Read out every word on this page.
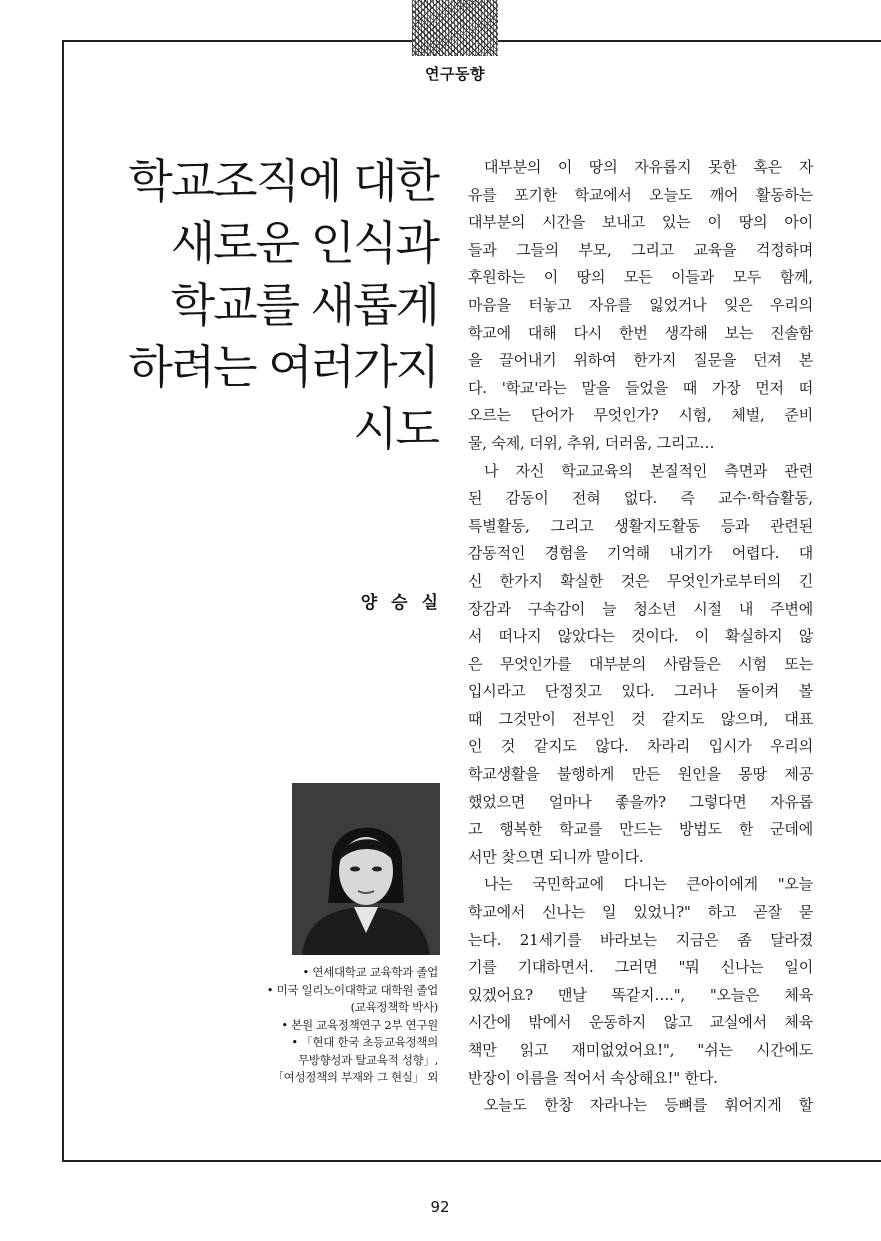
연구동향
학교조직에 대한
새로운 인식과
학교를 새롭게
하려는 여러가지
시도
양승실
• 연세대학교 교육학과 졸업
• 미국 일리노이대학교 대학원 졸업
(교육정책학 박사)
• 본원 교육정책연구 2부 연구원
• 「현대 한국 초등교육정책의
무방향성과 탈교육적 성향」,
「여성정책의 부재와 그 현실」 외
대부분의 이 땅의 자유롭지 못한 혹은 자
유를 포기한 학교에서 오늘도 깨어 활동하는
대부분의 시간을 보내고 있는 이 땅의 아이
들과 그들의 부모, 그리고 교육을 걱정하며
후원하는 이 땅의 모든 이들과 모두 함께,
마음을 터놓고 자유를 잃었거나 잊은 우리의
학교에 대해 다시 한번 생각해 보는 진솔함
을 끌어내기 위하여 한가지 질문을 던져 본
다. '학교'라는 말을 들었을 때 가장 먼저 떠
오르는 단어가 무엇인가? 시험, 체벌, 준비
물, 숙제, 더위, 추위, 더러움, 그리고…
나 자신 학교교육의 본질적인 측면과 관련
된 감동이 전혀 없다. 즉 교수·학습활동,
특별활동, 그리고 생활지도활동 등과 관련된
감동적인 경험을 기억해 내기가 어렵다. 대
신 한가지 확실한 것은 무엇인가로부터의 긴
장감과 구속감이 늘 청소년 시절 내 주변에
서 떠나지 않았다는 것이다. 이 확실하지 않
은 무엇인가를 대부분의 사람들은 시험 또는
입시라고 단정짓고 있다. 그러나 돌이켜 볼
때 그것만이 전부인 것 같지도 않으며, 대표
인 것 같지도 않다. 차라리 입시가 우리의
학교생활을 불행하게 만든 원인을 몽땅 제공
했었으면 얼마나 좋을까? 그렇다면 자유롭
고 행복한 학교를 만드는 방법도 한 군데에
서만 찾으면 되니까 말이다.
나는 국민학교에 다니는 큰아이에게 "오늘
학교에서 신나는 일 있었니?" 하고 곧잘 묻
는다. 21세기를 바라보는 지금은 좀 달라졌
기를 기대하면서. 그러면 "뭐 신나는 일이
있겠어요? 맨날 똑같지….", "오늘은 체육
시간에 밖에서 운동하지 않고 교실에서 체육
책만 읽고 재미없었어요!", "쉬는 시간에도
반장이 이름을 적어서 속상해요!" 한다.
오늘도 한창 자라나는 등뼈를 휘어지게 할
92
